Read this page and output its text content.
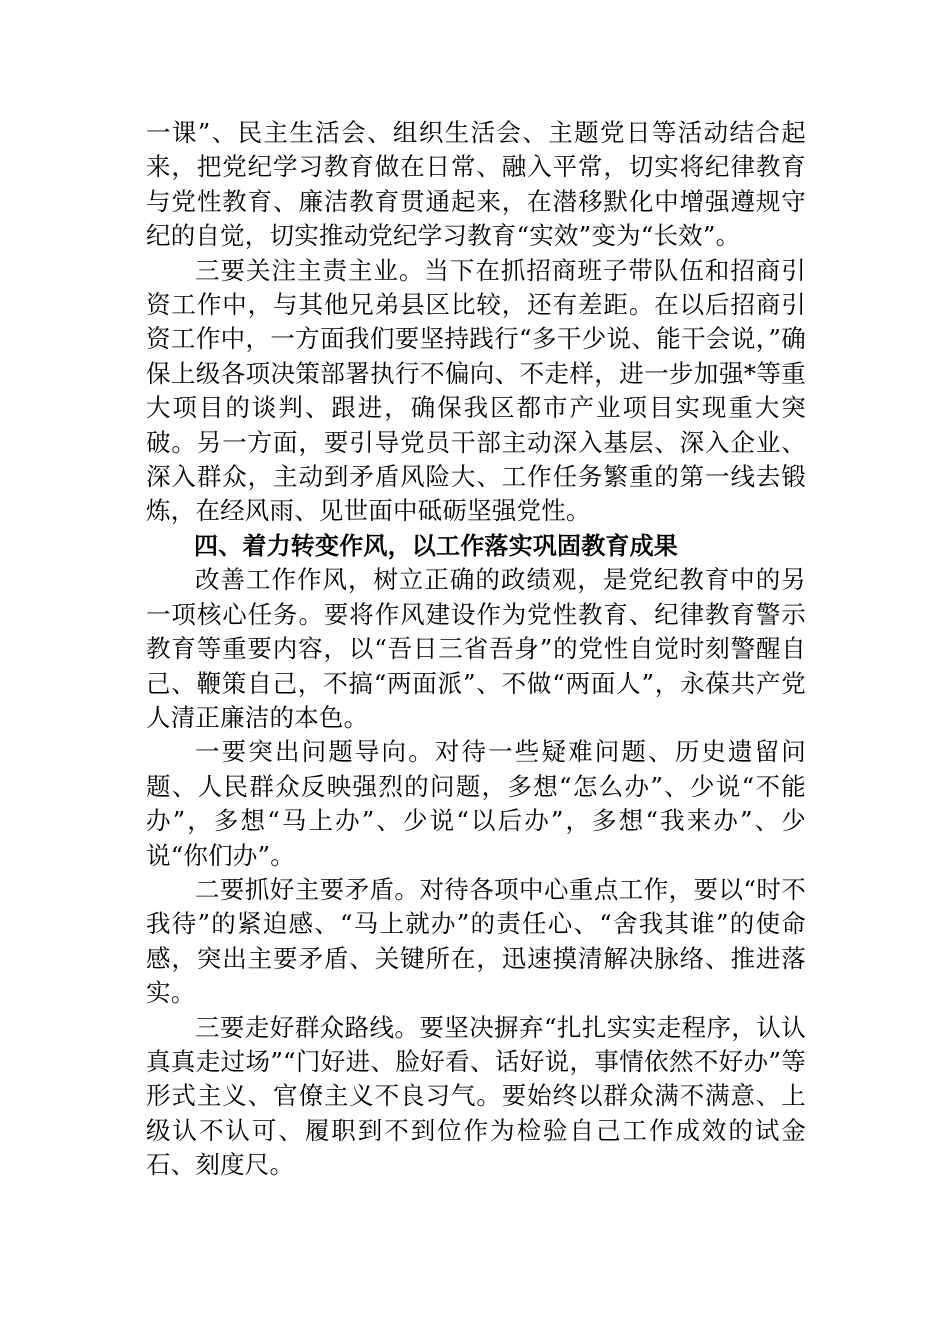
一课”、民主生活会、组织生活会、主题党日等活动结合起来，把党纪学习教育做在日常、融入平常，切实将纪律教育与党性教育、廉洁教育贯通起来，在潜移默化中增强遵规守纪的自觉，切实推动党纪学习教育“实效”变为“长效”。

三要关注主责主业。当下在抓招商班子带队伍和招商引资工作中，与其他兄弟县区比较，还有差距。在以后招商引资工作中，一方面我们要坚持践行“多干少说、能干会说，”确保上级各项决策部署执行不偏向、不走样，进一步加强*等重大项目的谈判、跟进，确保我区都市产业项目实现重大突破。另一方面，要引导党员干部主动深入基层、深入企业、深入群众，主动到矛盾风险大、工作任务繁重的第一线去锻炼，在经风雨、见世面中砥砺坚强党性。

四、着力转变作风，以工作落实巩固教育成果

改善工作作风，树立正确的政绩观，是党纪教育中的另一项核心任务。要将作风建设作为党性教育、纪律教育警示教育等重要内容，以“吾日三省吾身”的党性自觉时刻警醒自己、鞭策自己，不搞“两面派”、不做“两面人”，永葆共产党人清正廉洁的本色。

一要突出问题导向。对待一些疑难问题、历史遗留问题、人民群众反映强烈的问题，多想“怎么办”、少说“不能办”，多想“马上办”、少说“以后办”，多想“我来办”、少说“你们办”。

二要抓好主要矛盾。对待各项中心重点工作，要以“时不我待”的紧迫感、“马上就办”的责任心、“舍我其谁”的使命感，突出主要矛盾、关键所在，迅速摸清解决脉络、推进落实。

三要走好群众路线。要坚决摒弃“扎扎实实走程序，认认真真走过场”“门好进、脸好看、话好说，事情依然不好办”等形式主义、官僚主义不良习气。要始终以群众满不满意、上级认不认可、履职到不到位作为检验自己工作成效的试金石、刻度尺。
